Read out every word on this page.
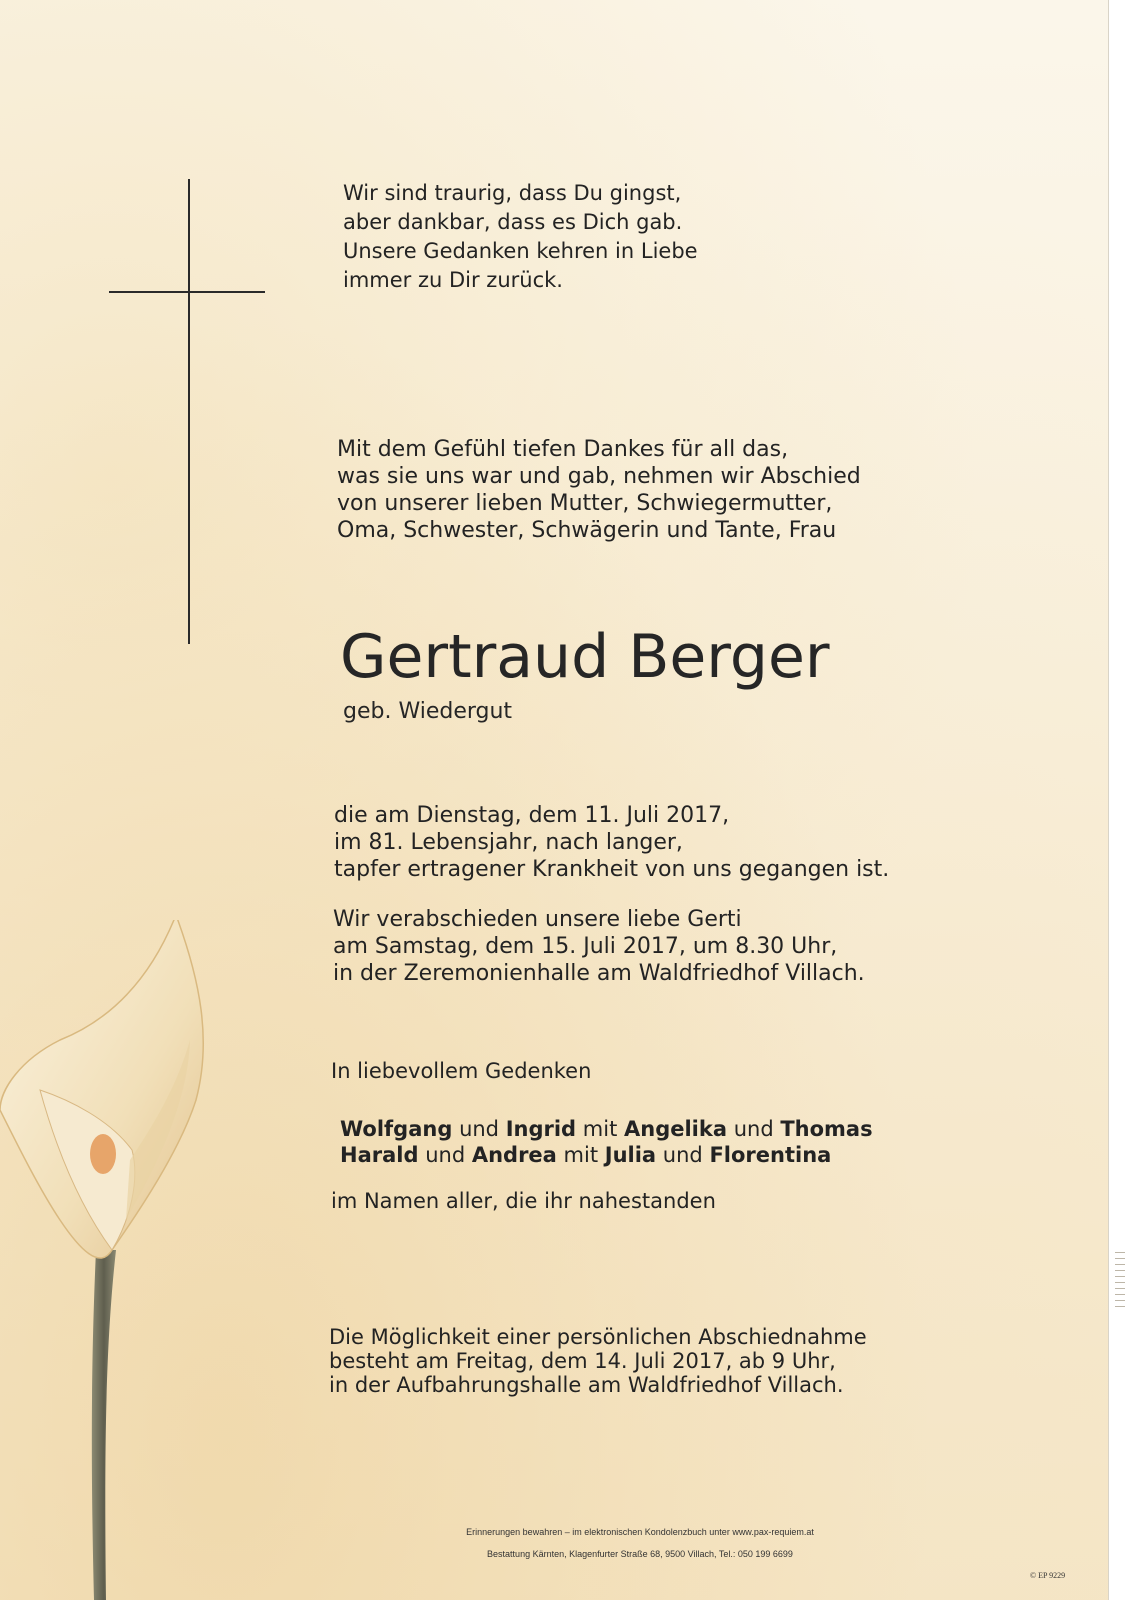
Wir sind traurig, dass Du gingst,

aber dankbar, dass es Dich gab.

Unsere Gedanken kehren in Liebe

immer zu Dir zurück.

Mit dem Gefühl tiefen Dankes für all das,

was sie uns war und gab, nehmen wir Abschied

von unserer lieben Mutter, Schwiegermutter,

Oma, Schwester, Schwägerin und Tante, Frau

Gertraud Berger
geb. Wiedergut

die am Dienstag, dem 11. Juli 2017,

im 81. Lebensjahr, nach langer,

tapfer ertragener Krankheit von uns gegangen ist.

Wir verabschieden unsere liebe Gerti

am Samstag, dem 15. Juli 2017, um 8.30 Uhr,

in der Zeremonienhalle am Waldfriedhof Villach.

In liebevollem Gedenken
Wolfgang und Ingrid mit Angelika und Thomas
Harald und Andrea mit Julia und Florentina
im Namen aller, die ihr nahestanden

Die Möglichkeit einer persönlichen Abschiednahme

besteht am Freitag, dem 14. Juli 2017, ab 9 Uhr,

in der Aufbahrungshalle am Waldfriedhof Villach.

Erinnerungen bewahren – im elektronischen Kondolenzbuch unter www.pax-requiem.at
Bestattung Kärnten, Klagenfurter Straße 68, 9500 Villach, Tel.: 050 199 6699
© EP 9229
